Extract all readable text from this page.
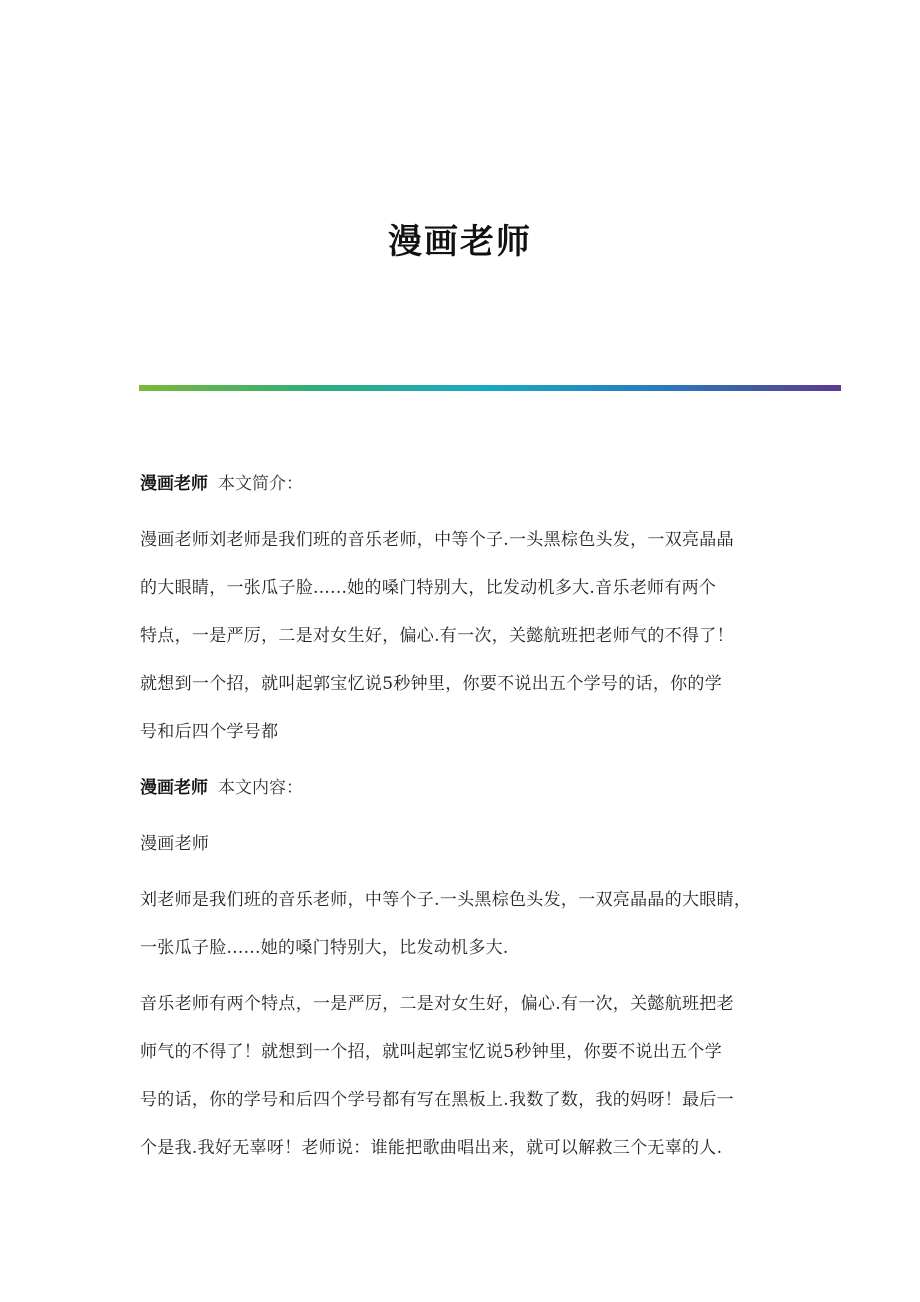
漫画老师
漫画老师 本文简介：
漫画老师刘老师是我们班的音乐老师，中等个子.一头黑棕色头发，一双亮晶晶
的大眼睛，一张瓜子脸......她的嗓门特别大，比发动机多大.音乐老师有两个
特点，一是严厉，二是对女生好，偏心.有一次，关懿航班把老师气的不得了！
就想到一个招，就叫起郭宝忆说5秒钟里，你要不说出五个学号的话，你的学
号和后四个学号都
漫画老师 本文内容：
漫画老师
刘老师是我们班的音乐老师，中等个子.一头黑棕色头发，一双亮晶晶的大眼睛，
一张瓜子脸......她的嗓门特别大，比发动机多大.
音乐老师有两个特点，一是严厉，二是对女生好，偏心.有一次，关懿航班把老
师气的不得了！就想到一个招，就叫起郭宝忆说5秒钟里，你要不说出五个学
号的话，你的学号和后四个学号都有写在黑板上.我数了数，我的妈呀！最后一
个是我.我好无辜呀！老师说：谁能把歌曲唱出来，就可以解救三个无辜的人.
